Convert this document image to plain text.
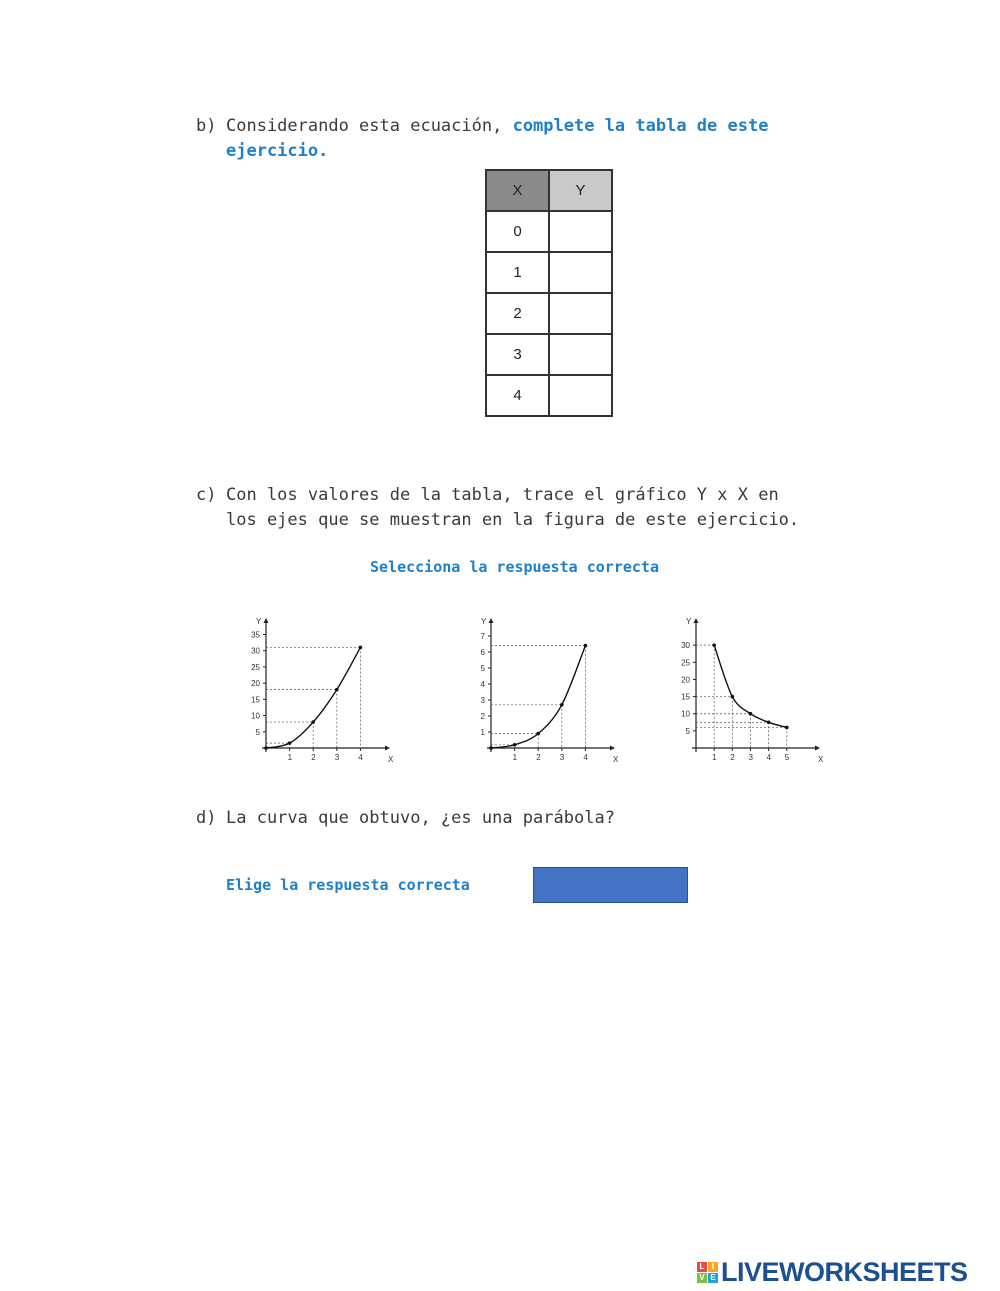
b) Considerando esta ecuación, complete la tabla de este
ejercicio.
X	Y
0	
1	
2	
3	
4	
c) Con los valores de la tabla, trace el gráfico Y x X en
los ejes que se muestran en la figura de este ejercicio.
Selecciona la respuesta correcta
X
Y
1 2 3 4
5
10
15
20
25
30
35
X
Y
1 2 3 4
1
2
3
4
5
6
7
X
Y
1 2 3 4 5
5
10
15
20
25
30
d) La curva que obtuvo, ¿es una parábola?
Elige la respuesta correcta
L I
V E LIVEWORKSHEETS
